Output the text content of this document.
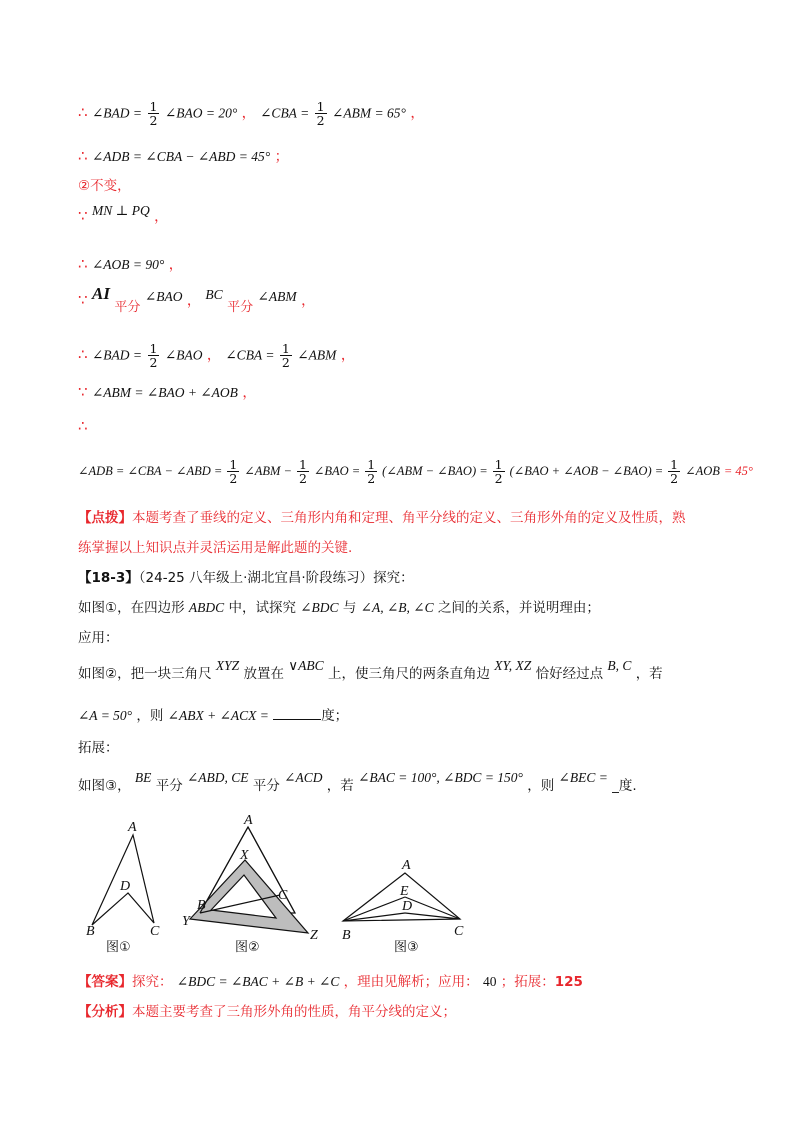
∴ ∠BAD = $\frac{1}{2}$ ∠BAO = 20° ， ∠CBA = $\frac{1}{2}$ ∠ABM = 65° ，
∴ ∠ADB = ∠CBA − ∠ABD = 45° ；
②不变，
∵ MN ⊥ PQ ，
∴ ∠AOB = 90° ，
∵ AI 平分 ∠BAO ， BC 平分 ∠ABM ，
∴ ∠BAD = $\frac{1}{2}$ ∠BAO ， ∠CBA = $\frac{1}{2}$ ∠ABM ，
∵ ∠ABM = ∠BAO + ∠AOB ，
∴
∠ADB = ∠CBA − ∠ABD = $\frac{1}{2}$ ∠ABM − $\frac{1}{2}$ ∠BAO = $\frac{1}{2}$ (∠ABM − ∠BAO) = $\frac{1}{2}$ (∠BAO + ∠AOB − ∠BAO) = $\frac{1}{2}$ ∠AOB = 45°
【点拨】本题考查了垂线的定义、三角形内角和定理、角平分线的定义、三角形外角的定义及性质，熟
练掌握以上知识点并灵活运用是解此题的关键.
【18-3】（24-25 八年级上·湖北宜昌·阶段练习）探究：
如图①，在四边形 ABDC 中，试探究 ∠BDC 与 ∠A, ∠B, ∠C 之间的关系，并说明理由；
应用：
如图②，把一块三角尺 XYZ 放置在 ∨ABC 上，使三角尺的两条直角边 XY, XZ 恰好经过点 B, C ，若
∠A = 50° ，则 ∠ABX + ∠ACX =	度；
拓展：
如图③， BE 平分 ∠ABD, CE 平分 ∠ACD ，若 ∠BAC = 100°, ∠BDC = 150° ，则 ∠BEC = _度.
A
D
B	C
图①
A
X
B
C
Y
Z
图②
A
E
D
B	C
图③
【答案】探究： ∠BDC = ∠BAC + ∠B + ∠C ，理由见解析；应用： 40 ；拓展：125
【分析】本题主要考查了三角形外角的性质，角平分线的定义；
